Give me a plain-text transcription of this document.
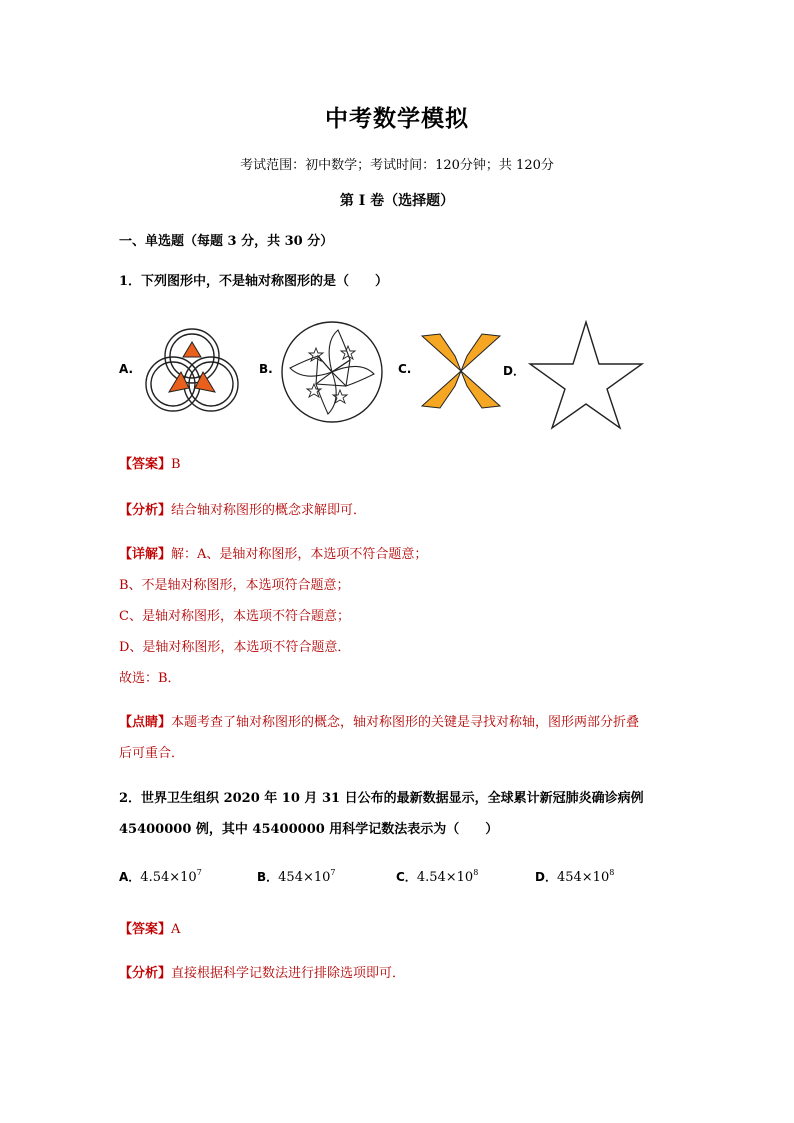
中考数学模拟
考试范围：初中数学；考试时间：120分钟；共 120分
第 I 卷（选择题）
一、单选题（每题 3 分，共 30 分）
1．下列图形中，不是轴对称图形的是（　　）
A.	B.	C.	D．
【答案】B
【分析】结合轴对称图形的概念求解即可．
【详解】解：A、是轴对称图形，本选项不符合题意；
B、不是轴对称图形，本选项符合题意；
C、是轴对称图形，本选项不符合题意；
D、是轴对称图形，本选项不符合题意．
故选：B．
【点睛】本题考查了轴对称图形的概念，轴对称图形的关键是寻找对称轴，图形两部分折叠
后可重合．
2．世界卫生组织 2020 年 10 月 31 日公布的最新数据显示，全球累计新冠肺炎确诊病例
45400000 例，其中 45400000 用科学记数法表示为（　　）
A．$4.54\times 10^7$	B．$454\times 10^7$	C．$4.54\times 10^8$	D．$454\times 10^8$
【答案】A
【分析】直接根据科学记数法进行排除选项即可．
